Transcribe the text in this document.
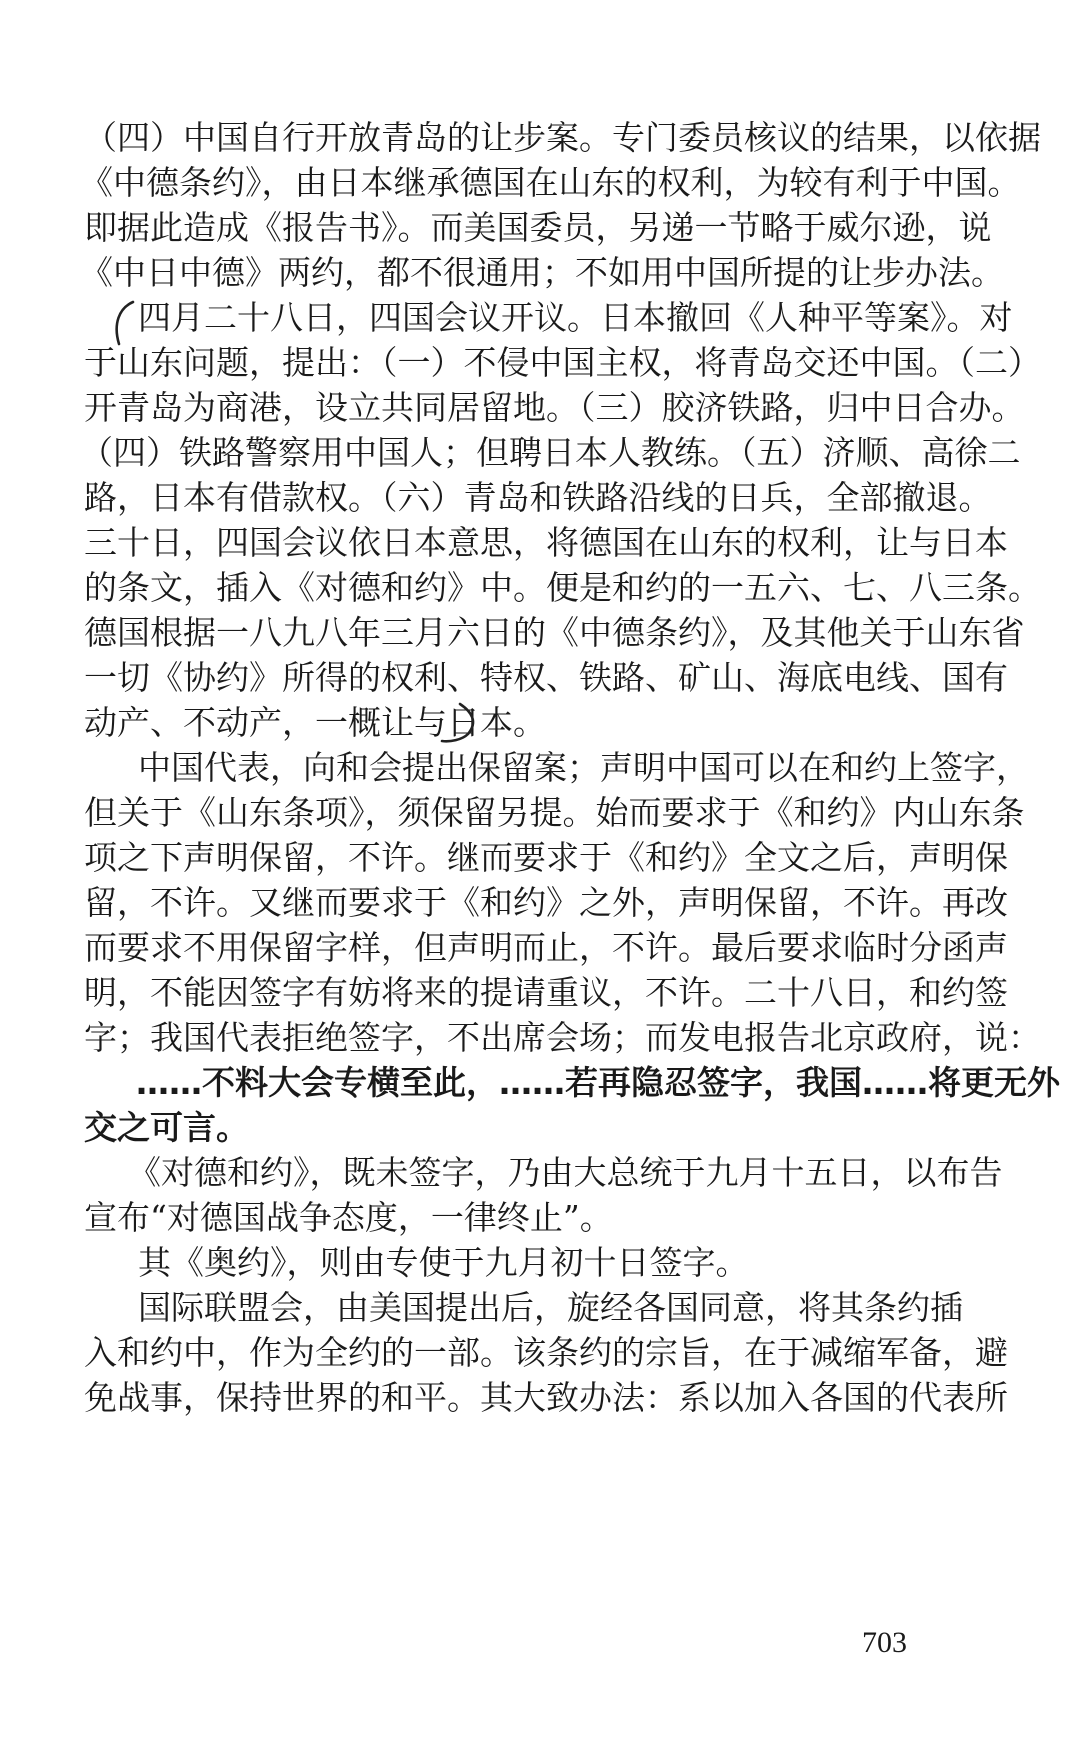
（四）中国自行开放青岛的让步案。专门委员核议的结果，以依据
《中德条约》，由日本继承德国在山东的权利，为较有利于中国。
即据此造成《报告书》。而美国委员，另递一节略于威尔逊，说
《中日中德》两约，都不很通用；不如用中国所提的让步办法。
四月二十八日，四国会议开议。日本撤回《人种平等案》。对
于山东问题，提出：（一）不侵中国主权，将青岛交还中国。（二）
开青岛为商港，设立共同居留地。（三）胶济铁路，归中日合办。
（四）铁路警察用中国人；但聘日本人教练。（五）济顺、高徐二
路，日本有借款权。（六）青岛和铁路沿线的日兵，全部撤退。
三十日，四国会议依日本意思，将德国在山东的权利，让与日本
的条文，插入《对德和约》中。便是和约的一五六、七、八三条。
德国根据一八九八年三月六日的《中德条约》，及其他关于山东省
一切《协约》所得的权利、特权、铁路、矿山、海底电线、国有
动产、不动产，一概让与日本。
中国代表，向和会提出保留案；声明中国可以在和约上签字，
但关于《山东条项》，须保留另提。始而要求于《和约》内山东条
项之下声明保留，不许。继而要求于《和约》全文之后，声明保
留，不许。又继而要求于《和约》之外，声明保留，不许。再改
而要求不用保留字样，但声明而止，不许。最后要求临时分函声
明，不能因签字有妨将来的提请重议，不许。二十八日，和约签
字；我国代表拒绝签字，不出席会场；而发电报告北京政府，说：
……不料大会专横至此，……若再隐忍签字，我国……将更无外
交之可言。
《对德和约》，既未签字，乃由大总统于九月十五日，以布告
宣布“对德国战争态度，一律终止”。
其《奥约》，则由专使于九月初十日签字。
国际联盟会，由美国提出后，旋经各国同意，将其条约插
入和约中，作为全约的一部。该条约的宗旨，在于减缩军备，避
免战事，保持世界的和平。其大致办法：系以加入各国的代表所
703
